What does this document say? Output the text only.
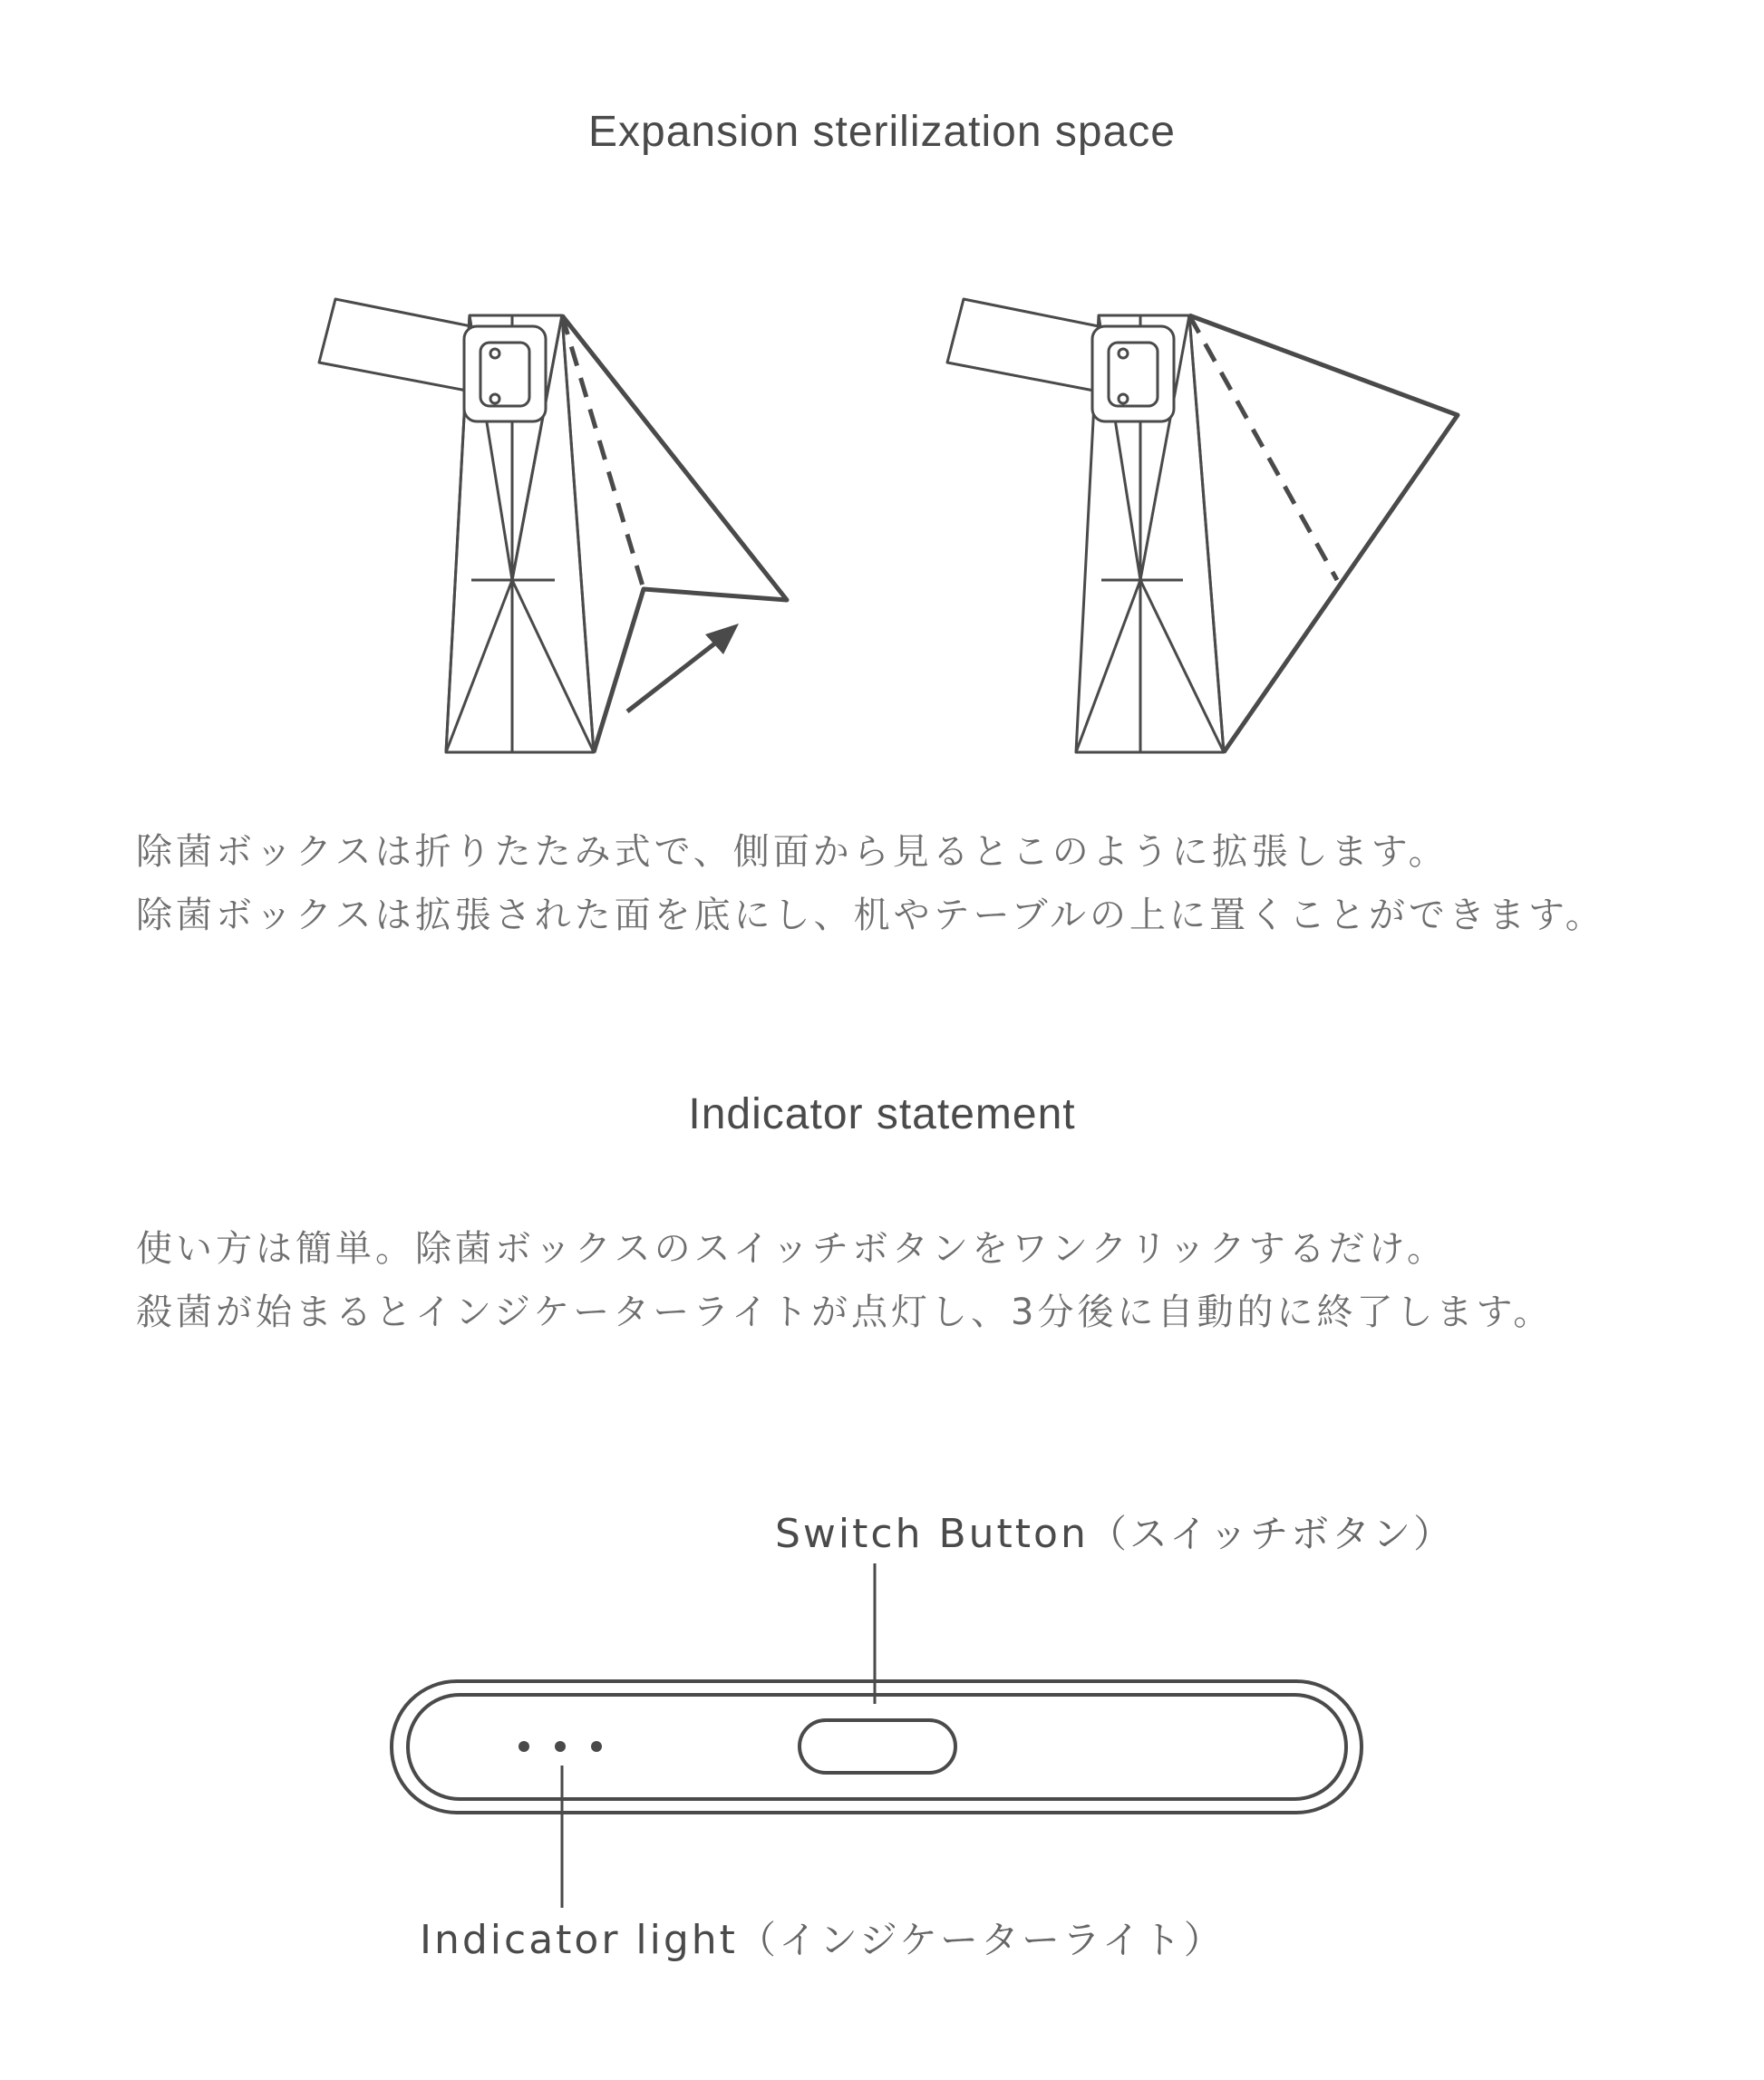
Expansion sterilization space
除菌ボックスは折りたたみ式で、側面から見るとこのように拡張します。
除菌ボックスは拡張された面を底にし、机やテーブルの上に置くことができます。
Indicator statement
使い方は簡単。除菌ボックスのスイッチボタンをワンクリックするだけ。
殺菌が始まるとインジケーターライトが点灯し、3分後に自動的に終了します。
Switch Button（スイッチボタン）
Indicator light（インジケーターライト）
